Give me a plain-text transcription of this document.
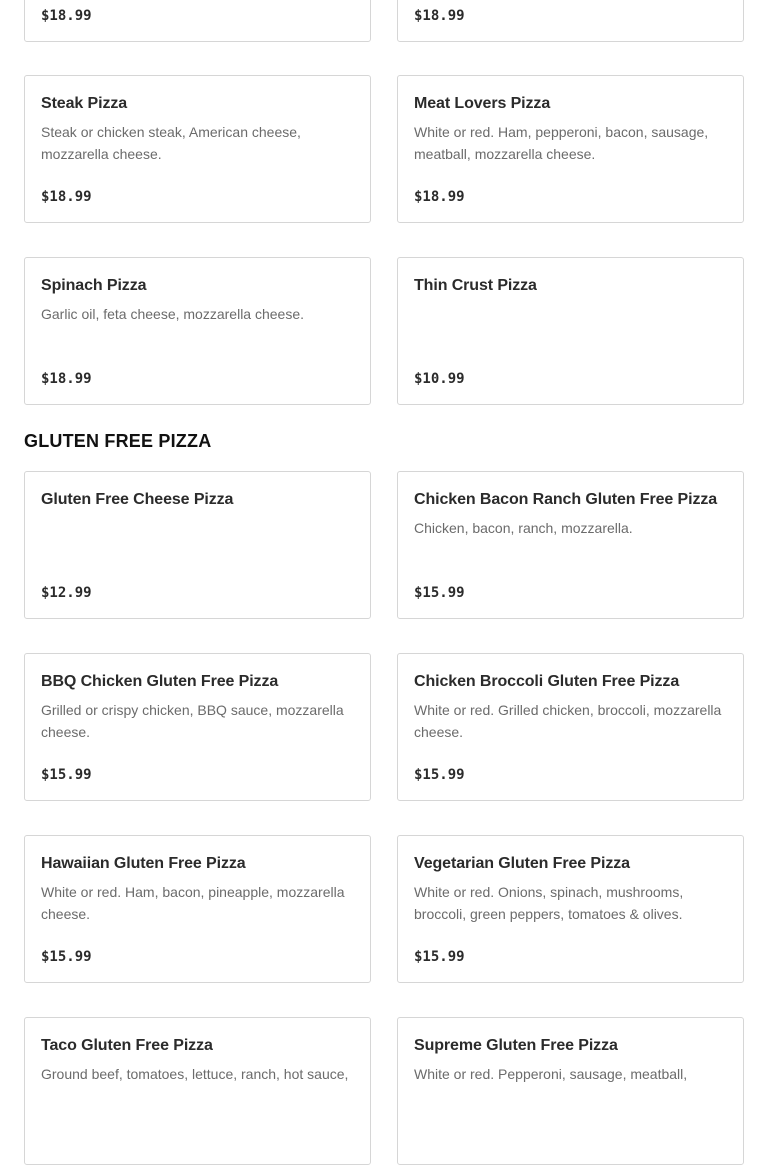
$18.99	$18.99
Steak Pizza
Steak or chicken steak, American cheese, mozzarella cheese.
$18.99
Meat Lovers Pizza
White or red. Ham, pepperoni, bacon, sausage, meatball, mozzarella cheese.
$18.99
Spinach Pizza
Garlic oil, feta cheese, mozzarella cheese.
$18.99
Thin Crust Pizza
$10.99
GLUTEN FREE PIZZA
Gluten Free Cheese Pizza
$12.99
Chicken Bacon Ranch Gluten Free Pizza
Chicken, bacon, ranch, mozzarella.
$15.99
BBQ Chicken Gluten Free Pizza
Grilled or crispy chicken, BBQ sauce, mozzarella cheese.
$15.99
Chicken Broccoli Gluten Free Pizza
White or red. Grilled chicken, broccoli, mozzarella cheese.
$15.99
Hawaiian Gluten Free Pizza
White or red. Ham, bacon, pineapple, mozzarella cheese.
$15.99
Vegetarian Gluten Free Pizza
White or red. Onions, spinach, mushrooms, broccoli, green peppers, tomatoes & olives.
$15.99
Taco Gluten Free Pizza
Ground beef, tomatoes, lettuce, ranch, hot sauce,
Supreme Gluten Free Pizza
White or red. Pepperoni, sausage, meatball,
